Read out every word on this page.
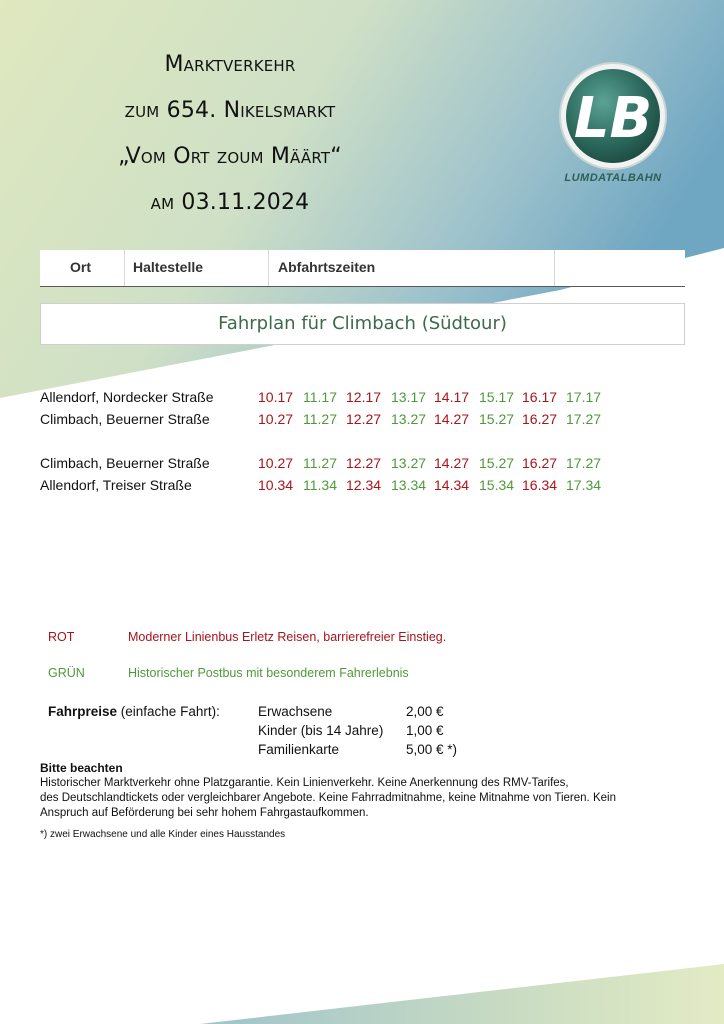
Marktverkehr
zum 654. Nikelsmarkt
„Vom Ort zoum Määrt“
am 03.11.2024
LB
LUMDATALBAHN
Ort	Haltestelle	Abfahrtszeiten
Fahrplan für Climbach (Südtour)
Allendorf, Nordecker Straße	10.17 11.17 12.17 13.17 14.17 15.17 16.17 17.17
Climbach, Beuerner Straße	10.27 11.27 12.27 13.27 14.27 15.27 16.27 17.27
Climbach, Beuerner Straße	10.27 11.27 12.27 13.27 14.27 15.27 16.27 17.27
Allendorf, Treiser Straße	10.34 11.34 12.34 13.34 14.34 15.34 16.34 17.34
ROT	Moderner Linienbus Erletz Reisen, barrierefreier Einstieg.
GRÜN	Historischer Postbus mit besonderem Fahrerlebnis
Fahrpreise (einfache Fahrt):	Erwachsene	2,00 €
Kinder (bis 14 Jahre) 1,00 €
Familienkarte	5,00 € *)
Bitte beachten
Historischer Marktverkehr ohne Platzgarantie. Kein Linienverkehr. Keine Anerkennung des RMV-Tarifes,
des Deutschlandtickets oder vergleichbarer Angebote. Keine Fahrradmitnahme, keine Mitnahme von Tieren. Kein
Anspruch auf Beförderung bei sehr hohem Fahrgastaufkommen.
*) zwei Erwachsene und alle Kinder eines Hausstandes
